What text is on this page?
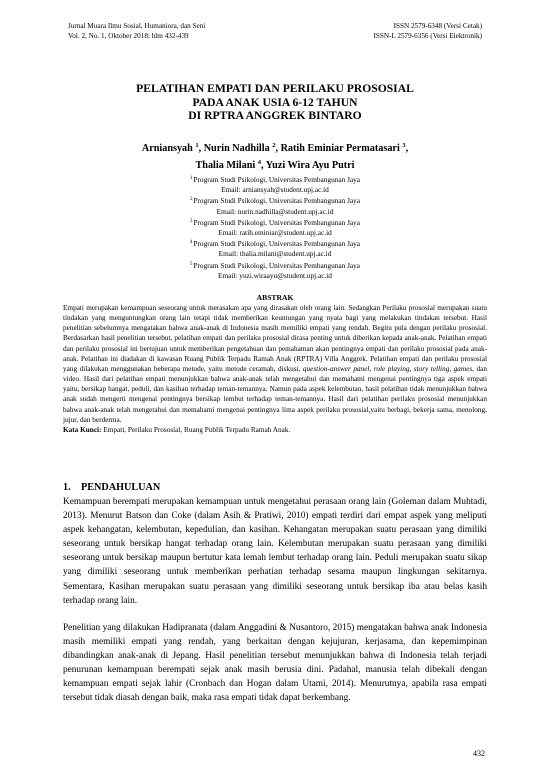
Jurnal Muara Ilmu Sosial, Humaniora, dan Seni	ISSN 2579-6348 (Versi Cetak)
Vol. 2, No. 1, Oktober 2018: hlm 432-439	ISSN-L 2579-6356 (Versi Elektronik)
PELATIHAN EMPATI DAN PERILAKU PROSOSIAL
PADA ANAK USIA 6-12 TAHUN
DI RPTRA ANGGREK BINTARO
Arniansyah $^1$, Nurin Nadhilla $^2$, Ratih Eminiar Permatasari $^3$,
Thalia Milani $^4$, Yuzi Wira Ayu Putri
$^1$Program Studi Psikologi, Universitas Pembangunan Jaya
Email: arniansyah@student.upj.ac.id
$^2$Program Studi Psikologi, Universitas Pembangunan Jaya
Email: nurin.nadhilla@student.upj.ac.id
$^3$Program Studi Psikologi, Universitas Pembangunan Jaya
Email: ratih.eminiar@student.upj.ac.id
$^4$Program Studi Psikologi, Universitas Pembangunan Jaya
Email: thalia.milani@student.upj.ac.id
$^5$Program Studi Psikologi, Universitas Pembangunan Jaya
Email: yuzi.wiraayu@student.upj.ac.id
ABSTRAK

Empati merupakan kemampuan seseorang untuk merasakan apa yang dirasakan oleh orang lain. Sedangkan Perilaku prososial merupakan suatu tindakan yang menguntungkan orang lain tetapi tidak memberikan keuntungan yang nyata bagi yang melakukan tindakan tersebut. Hasil penelitian sebelumnya mengatakan bahwa anak-anak di Indonesia masih memiliki empati yang rendah. Begitu pula dengan perilaku prososial. Berdasarkan hasil penelitian tersebut, pelatihan empati dan perilaku prososial dirasa penting untuk diberikan kepada anak-anak. Pelatihan empati dan perilaku prososial ini bertujuan untuk memberikan pengetahuan dan pemahaman akan pentingnya empati dan perilaku prososial pada anak-anak. Pelatihan ini diadakan di kawasan Ruang Publik Terpadu Ramah Anak (RPTRA) Villa Anggrek. Pelatihan empati dan perilaku prososial yang dilakukan menggunakan beberapa metode, yaitu metode ceramah, diskusi, question-answer panel, role playing, story telling, games, dan video. Hasil dari pelatihan empati menunjukkan bahwa anak-anak telah mengetahui dan memahami mengenai pentingnya tiga aspek empati yaitu, bersikap hangat, peduli, dan kasihan terhadap teman-temannya. Namun pada aspek kelembutan, hasil pelatihan tidak menunjukkan bahwa anak sudah mengerti mengenai pentingnya bersikap lembut terhadap teman-temannya. Hasil dari pelatihan perilaku prososial menunjukkan bahwa anak-anak telah mengetahui dan memahami mengenai pentingnya lima aspek perilaku prososial,yaitu berbagi, bekerja sama, menolong, jujur, dan berderma.

Kata Kunci: Empati, Perilaku Prososial, Ruang Publik Terpadu Ramah Anak.

1. PENDAHULUAN

Kemampuan berempati merupakan kemampuan untuk mengetahui perasaan orang lain (Goleman dalam Muhtadi, 2013). Menurut Batson dan Coke (dalam Asih & Pratiwi, 2010) empati terdiri dari empat aspek yang meliputi aspek kehangatan, kelembutan, kepedulian, dan kasihan. Kehangatan merupakan suatu perasaan yang dimiliki seseorang untuk bersikap hangat terhadap orang lain. Kelembutan merupakan suatu perasaan yang dimiliki seseorang untuk bersikap maupun bertutur kata lemah lembut terhadap orang lain. Peduli merupakan suatu sikap yang dimiliki seseorang untuk memberikan perhatian terhadap sesama maupun lingkungan sekitarnya. Sementara, Kasihan merupakan suatu perasaan yang dimiliki seseorang untuk bersikap iba atau belas kasih terhadap orang lain.

Penelitian yang dilakukan Hadipranata (dalam Anggadini & Nusantoro, 2015) mengatakan bahwa anak Indonesia masih memiliki empati yang rendah, yang berkaitan dengan kejujuran, kerjasama, dan kepemimpinan dibandingkan anak-anak di Jepang. Hasil penelitian tersebut menunjukkan bahwa di Indonesia telah terjadi penurunan kemampuan berempati sejak anak masih berusia dini. Padahal, manusia telah dibekali dengan kemampuan empati sejak lahir (Cronbach dan Hogan dalam Utami, 2014). Menurutnya, apabila rasa empati tersebut tidak diasah dengan baik, maka rasa empati tidak dapat berkembang.

432
